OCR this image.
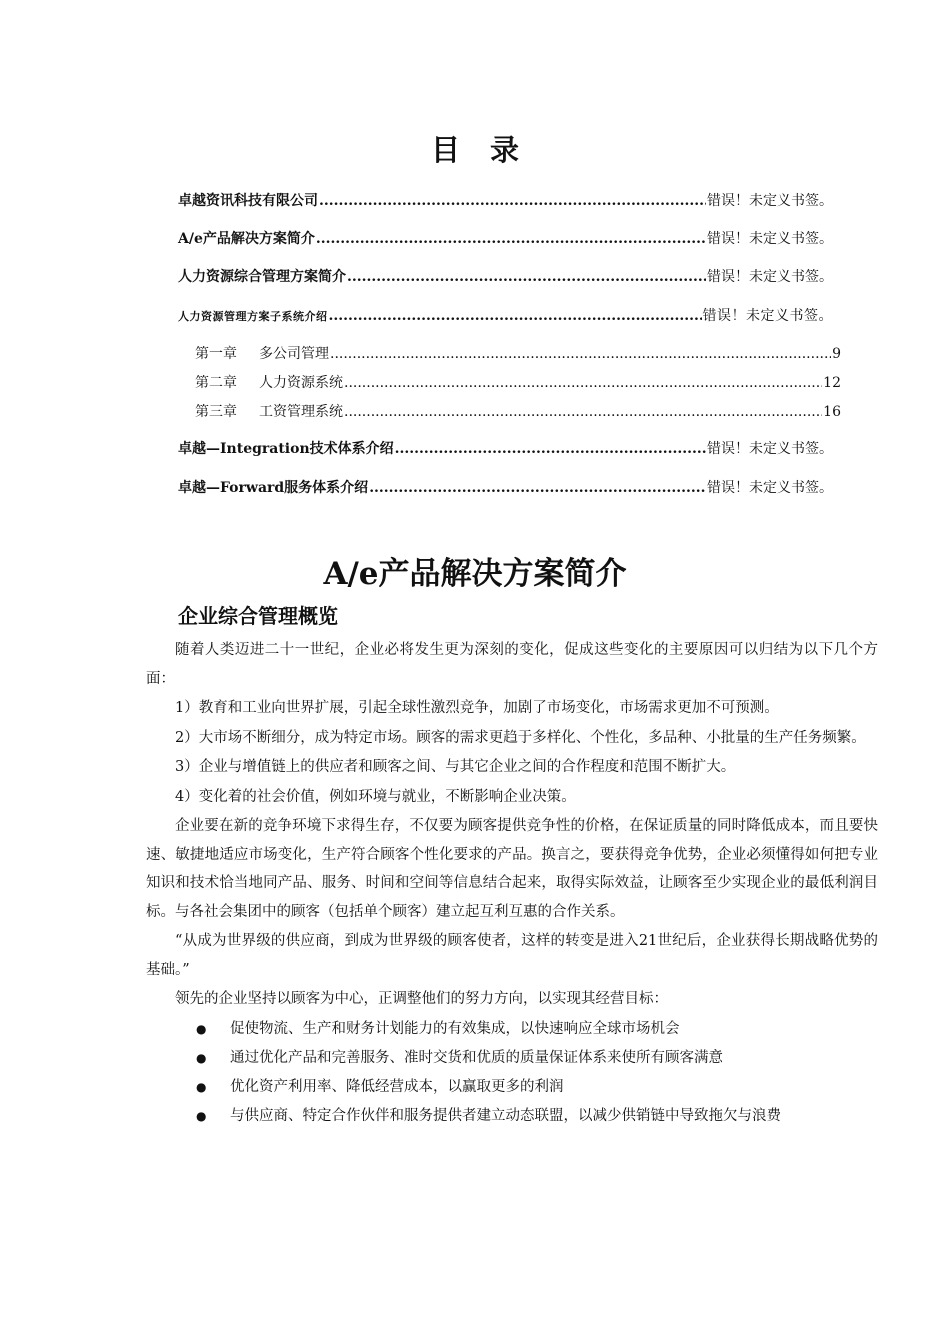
目 录
卓越资讯科技有限公司 .....	错误！未定义书签。
A/e产品解决方案简介 .....	错误！未定义书签。
人力资源综合管理方案简介 .....	错误！未定义书签。
人力资源管理方案子系统介绍 .....	错误！未定义书签。
第一章 多公司管理 .....	9
第二章 人力资源系统 .....	12
第三章 工资管理系统 .....	16
卓越—Integration技术体系介绍 .....	错误！未定义书签。
卓越—Forward服务体系介绍 .....	错误！未定义书签。
A/e产品解决方案简介
企业综合管理概览

随着人类迈进二十一世纪，企业必将发生更为深刻的变化，促成这些变化的主要原因可以归结为以下几个方面：

1）教育和工业向世界扩展，引起全球性激烈竞争，加剧了市场变化，市场需求更加不可预测。

2）大市场不断细分，成为特定市场。顾客的需求更趋于多样化、个性化，多品种、小批量的生产任务频繁。

3）企业与增值链上的供应者和顾客之间、与其它企业之间的合作程度和范围不断扩大。

4）变化着的社会价值，例如环境与就业，不断影响企业决策。

企业要在新的竞争环境下求得生存，不仅要为顾客提供竞争性的价格，在保证质量的同时降低成本，而且要快速、敏捷地适应市场变化，生产符合顾客个性化要求的产品。换言之，要获得竞争优势，企业必须懂得如何把专业知识和技术恰当地同产品、服务、时间和空间等信息结合起来，取得实际效益，让顾客至少实现企业的最低利润目标。与各社会集团中的顾客（包括单个顾客）建立起互利互惠的合作关系。

“从成为世界级的供应商，到成为世界级的顾客使者，这样的转变是进入21世纪后，企业获得长期战略优势的基础。”

领先的企业坚持以顾客为中心，正调整他们的努力方向，以实现其经营目标：

● 促使物流、生产和财务计划能力的有效集成，以快速响应全球市场机会
● 通过优化产品和完善服务、准时交货和优质的质量保证体系来使所有顾客满意
● 优化资产利用率、降低经营成本，以赢取更多的利润
● 与供应商、特定合作伙伴和服务提供者建立动态联盟，以减少供销链中导致拖欠与浪费
